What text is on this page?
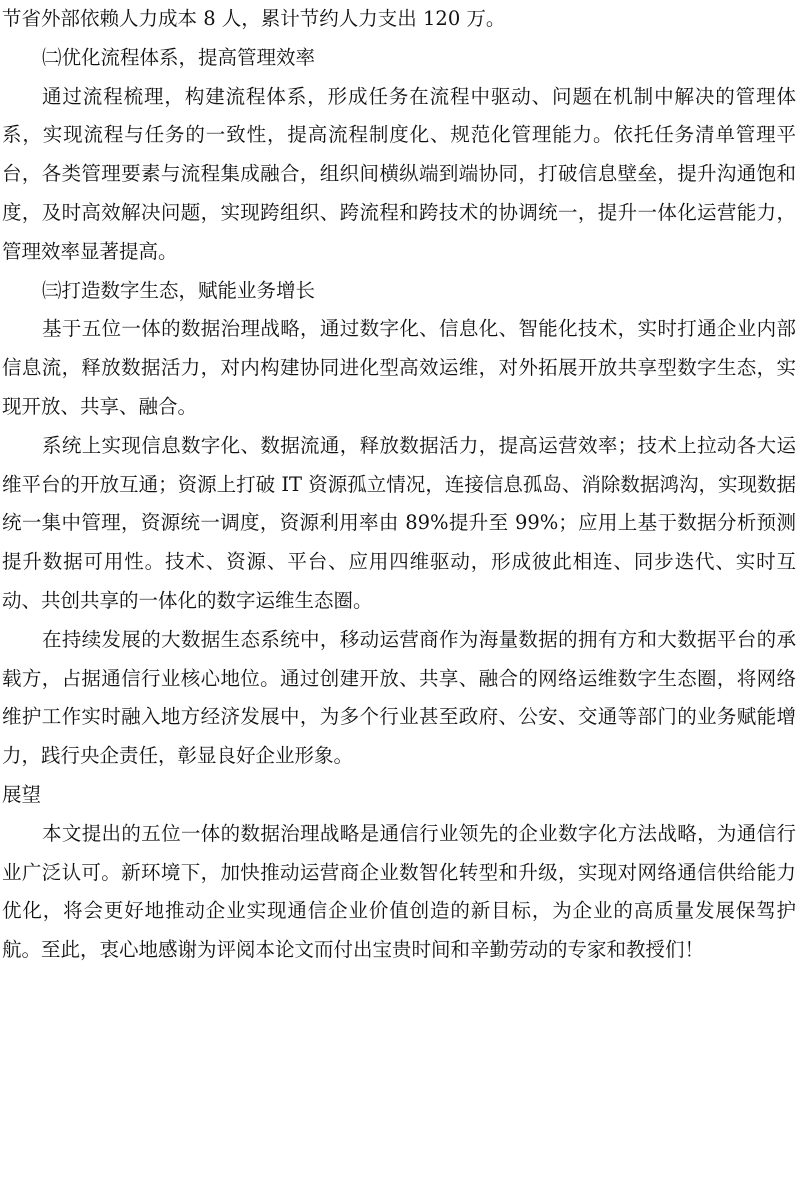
节省外部依赖人力成本 8 人，累计节约人力支出 120 万。

㈡优化流程体系，提高管理效率

通过流程梳理，构建流程体系，形成任务在流程中驱动、问题在机制中解决的管理体系，实现流程与任务的一致性，提高流程制度化、规范化管理能力。依托任务清单管理平台，各类管理要素与流程集成融合，组织间横纵端到端协同，打破信息壁垒，提升沟通饱和度，及时高效解决问题，实现跨组织、跨流程和跨技术的协调统一，提升一体化运营能力，管理效率显著提高。

㈢打造数字生态，赋能业务增长

基于五位一体的数据治理战略，通过数字化、信息化、智能化技术，实时打通企业内部信息流，释放数据活力，对内构建协同进化型高效运维，对外拓展开放共享型数字生态，实现开放、共享、融合。

系统上实现信息数字化、数据流通，释放数据活力，提高运营效率；技术上拉动各大运维平台的开放互通；资源上打破 IT 资源孤立情况，连接信息孤岛、消除数据鸿沟，实现数据统一集中管理，资源统一调度，资源利用率由 89%提升至 99%；应用上基于数据分析预测提升数据可用性。技术、资源、平台、应用四维驱动，形成彼此相连、同步迭代、实时互动、共创共享的一体化的数字运维生态圈。

在持续发展的大数据生态系统中，移动运营商作为海量数据的拥有方和大数据平台的承载方，占据通信行业核心地位。通过创建开放、共享、融合的网络运维数字生态圈，将网络维护工作实时融入地方经济发展中，为多个行业甚至政府、公安、交通等部门的业务赋能增力，践行央企责任，彰显良好企业形象。

展望

本文提出的五位一体的数据治理战略是通信行业领先的企业数字化方法战略，为通信行业广泛认可。新环境下，加快推动运营商企业数智化转型和升级，实现对网络通信供给能力优化，将会更好地推动企业实现通信企业价值创造的新目标，为企业的高质量发展保驾护航。至此，衷心地感谢为评阅本论文而付出宝贵时间和辛勤劳动的专家和教授们！
